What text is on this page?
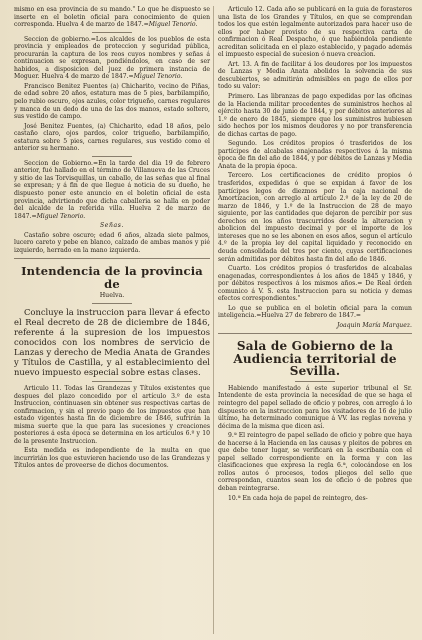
mismo en esa provincia de su mando." Lo que he dispuesto se inserte en el boletin oficial para conocimiento de quien corresponda. Huelva 4 de marzo de 1847.=Miguel Tenorio.

Seccion de gobierno.=Los alcaldes de los pueblos de esta provincia y empleados de proteccion y seguridad pública, procurarán la captura de los reos cuyos nombres y señas á continuacion se expresan, pondiéndolos, en caso de ser habidos, a disposicion del juez de primera instancia de Moguer. Huelva 4 de marzo de 1847.=Miguel Tenorio.

Francisco Benitez Fuentes (a) Chicharito, vecino de Piñas, de edad sobre 20 años, estatura mas de 5 pies, barbilampiño, pelo rubio oscuro, ojos azules, color trigueño, carnes regulares y manca de un dedo de una de las dos manos, estado soltero, sus vestido de campo.

José Benitez Fuentes, (a) Chicharito, edad 18 años, pelo castaño claro, ojos pardos, color trigueño, barbilampiño, estatura sobre 5 pies, carnes regulares, sus vestido como el anterior su hermano.

Seccion de Gobierno.=En la tarde del dia 19 de febrero anterior, fué hallado en el término de Villanueva de las Cruces y sitio de las Torvisquillas, un caballo, de las señas que al final se expresan; y á fin de que llegue á noticia de su dueño, he dispuesto poner este anuncio en el boletin oficial de esta provincia, advirtiendo que dicha caballeria se halla en poder del alcalde de la referida villa. Huelva 2 de marzo de 1847.=Miguel Tenorio.

Señas.

Castaño sobre oscuro; edad 6 años, alzada siete palmos, lucero careto y pebe en blanco, calzado de ambas manos y pié izquierdo, herrado en la mano izquierda.

Intendencia de la provincia de
Huelva.

Concluye la instruccion para llevar á efecto el Real decreto de 28 de diciembre de 1846, referente á la supresion de los impuestos conocidos con los nombres de servicio de Lanzas y derecho de Media Anata de Grandes y Títulos de Castilla, y al establecimiento del nuevo impuesto especial sobre estas clases.

Articulo 11. Todas las Grandezas y Títulos existentes que despues del plazo concedido por el artículo 3.º de esta Instruccion, continuasen sin obtener sus respectivas cartas de confirmacion, y sin el previo pago de los impuestos que han estado vigentes hasta fin de diciembre de 1846, sufrirán la misma suerte que la que para las sucesiones y creaciones posteriores á esta época se determina en los artículos 6.º y 10 de la presente Instruccion.

Esta medida es independiente de la multa en que incurririán los que estuvieren haciendo uso de las Grandezas y Títulos antes de proveerse de dichos documentos.

Articulo 12. Cada año se publicará en la guia de forasteros una lista de los Grandes y Títulos, en que se comprendan todos los que estén legalmente autorizados para hacer uso de ellos por haber provisto de su respectiva carta de confirmacion ó Real Despacho, ó que habiéndola pendiente acreditan solicitada en el plazo establecido, y pagado además el impuesto especial de sucesion ó nueva creacion.

Art. 13. A fin de facilitar á los deudores por los impuestos de Lanzas y Media Anata abolidos la solvencia de sus descubiertos, se admitirán admisibles en pago de ellos por todo su valor:

Primero. Las libranzas de pago expedidas por las oficinas de la Hacienda militar procedentes de suministros hechos al ejército hasta 30 de junio de 1844, y por débitos anteriores al 1.º de enero de 1845, siempre que los suministros hubiesen sido hechos por los mismos deudores y no por transferencia de dichas cartas de pago.

Segundo. Los créditos propios ó trasferidos de los partícipes de alcabalas enajenadas respectivos á la misma época de fin del año de 1844, y por débitos de Lanzas y Media Anata de la propia época.

Tercero. Los certificaciones de crédito propios ó trasferidos, expedidas ó que se expidan á favor de los partícipes legos de diezmos por la caja nacional de Amortizacion, con arreglo al artículo 2.º de la ley de 20 de marzo de 1846, y 1.º de la Instruccion de 28 de mayo siguiente, por las cantidades que dejaron de percibir por sus derechos en los años trascurridos desde la alteracion y abolicion del impuesto decimal y por el importe de los intereses que no se les abonen en esos años, segun el artículo 4.º de la propia ley del capital liquidado y reconocido en deuda consolidada del tres por ciento, cuyas certificaciones serán admitidas por débitos hasta fin del año de 1846.

Cuarto. Los créditos propios ó trasferidos de alcabalas enagenadas, correspondientes á los años de 1845 y 1846, y por débitos respectivos á los mismos años.= De Real órden comunico á V. S. esta Instruccion para su noticia y demas efectos correspondientes."

Lo que se publica en el boletin oficial para la comun inteligencia.=Huelva 27 de febrero de 1847.=

Joaquin María Marquez.

Sala de Gobierno de la Audiencia territorial de Sevilla.

Habiendo manifestado á este superior tribunal el Sr. Intendente de esta provincia la necesidad de que se haga el reintegro del papel sellado de oficio y pobres, con arreglo á lo dispuesto en la instruccion para los visitadores de 16 de julio último, ha determinado comunique á VV. las reglas novena y décima de la misma que dicen así.

9.ª El reintegro de papel sellado de oficio y pobre que haya de hacerse á la Hacienda en las causas y pleitos de pobres en que debe tener lugar, se verificará en la escribanía con el papel sellado correspondiente en la forma y con las clasificaciones que expresa la regla 6.ª, colocándose en los rollos autos ó procesos, todos pliegos del sello que correspondan, cuantos sean los de oficio ó de pobres que deban reintegrarse.

10.ª En cada hoja de papel de reintegro, des-
